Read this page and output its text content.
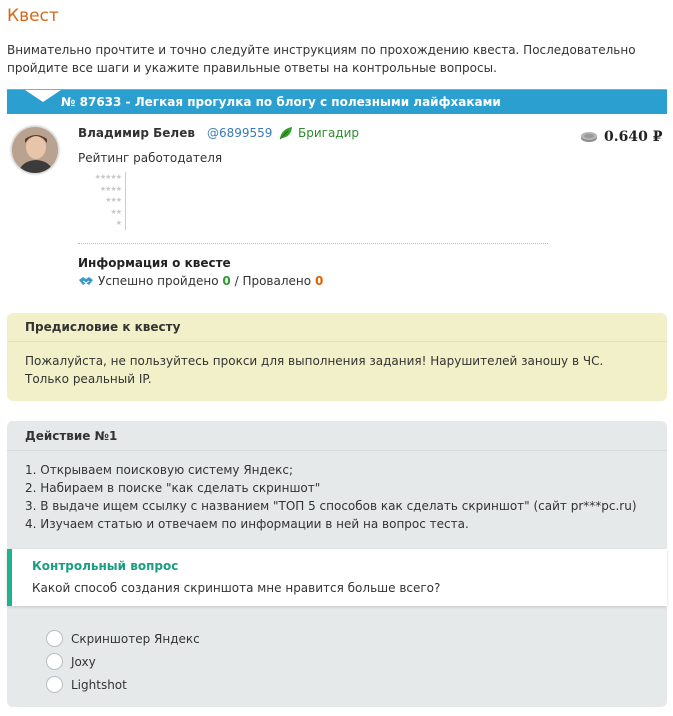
Квест
Внимательно прочтите и точно следуйте инструкциям по прохождению квеста. Последовательно пройдите все шаги и укажите правильные ответы на контрольные вопросы.
№ 87633 - Легкая прогулка по блогу с полезными лайфхаками
Владимир Белев @6899559 Бригадир	0.640 ₽
Рейтинг работодателя
★★★★★
★★★★
★★★
★★
★
Информация о квесте
Успешно пройдено 0 / Провалено 0
Предисловие к квесту
Пожалуйста, не пользуйтесь прокси для выполнения задания! Нарушителей заношу в ЧС. Только реальный IP.
Действие №1
1. Открываем поисковую систему Яндекс;
2. Набираем в поиске "как сделать скриншот"
3. В выдаче ищем ссылку с названием "ТОП 5 способов как сделать скриншот" (сайт pr***pc.ru)
4. Изучаем статью и отвечаем по информации в ней на вопрос теста.
Контрольный вопрос
Какой способ создания скриншота мне нравится больше всего?
Скриншотер Яндекс
Joxy
Lightshot
